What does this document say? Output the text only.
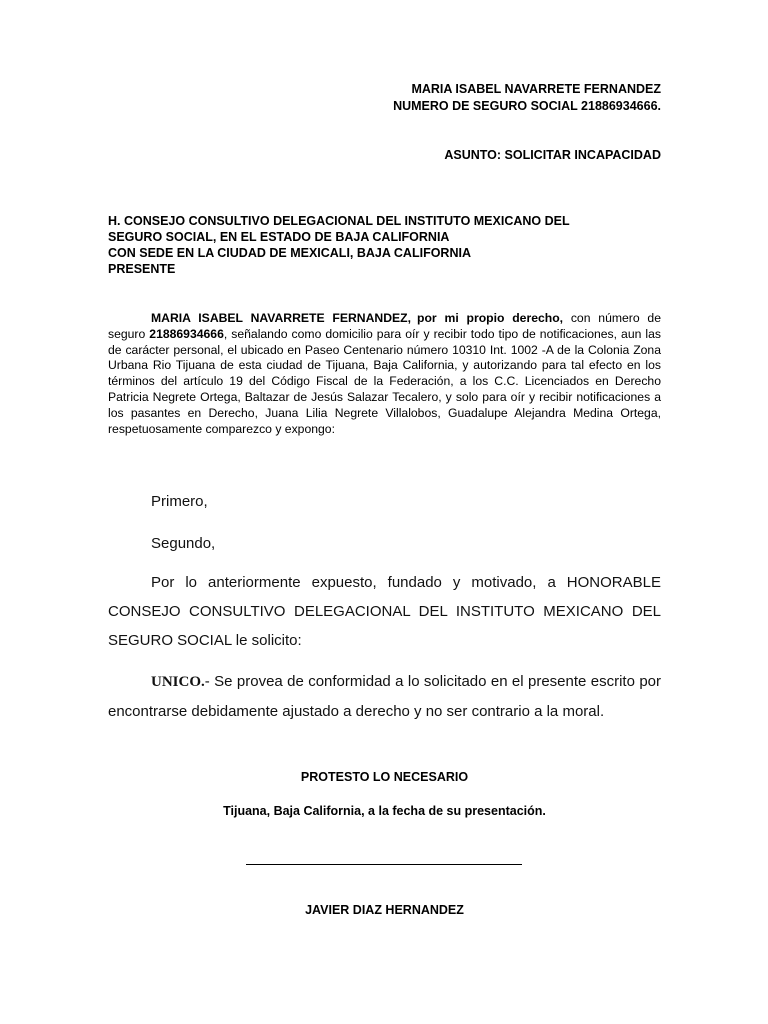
MARIA ISABEL NAVARRETE FERNANDEZ
NUMERO DE SEGURO SOCIAL 21886934666.
ASUNTO: SOLICITAR INCAPACIDAD
H. CONSEJO CONSULTIVO DELEGACIONAL DEL INSTITUTO MEXICANO DEL
SEGURO SOCIAL, EN EL ESTADO DE BAJA CALIFORNIA
CON SEDE EN LA CIUDAD DE MEXICALI, BAJA CALIFORNIA
PRESENTE
MARIA ISABEL NAVARRETE FERNANDEZ, por mi propio derecho, con número de seguro 21886934666, señalando como domicilio para oír y recibir todo tipo de notificaciones, aun las de carácter personal, el ubicado en Paseo Centenario número 10310 Int. 1002 -A de la Colonia Zona Urbana Rio Tijuana de esta ciudad de Tijuana, Baja California, y autorizando para tal efecto en los términos del artículo 19 del Código Fiscal de la Federación, a los C.C. Licenciados en Derecho Patricia Negrete Ortega, Baltazar de Jesús Salazar Tecalero, y solo para oír y recibir notificaciones a los pasantes en Derecho, Juana Lilia Negrete Villalobos, Guadalupe Alejandra Medina Ortega, respetuosamente comparezco y expongo:
Primero,
Segundo,
Por lo anteriormente expuesto, fundado y motivado, a HONORABLE CONSEJO CONSULTIVO DELEGACIONAL DEL INSTITUTO MEXICANO DEL SEGURO SOCIAL le solicito:
UNICO.- Se provea de conformidad a lo solicitado en el presente escrito por encontrarse debidamente ajustado a derecho y no ser contrario a la moral.
PROTESTO LO NECESARIO
Tijuana, Baja California, a la fecha de su presentación.
JAVIER DIAZ HERNANDEZ
